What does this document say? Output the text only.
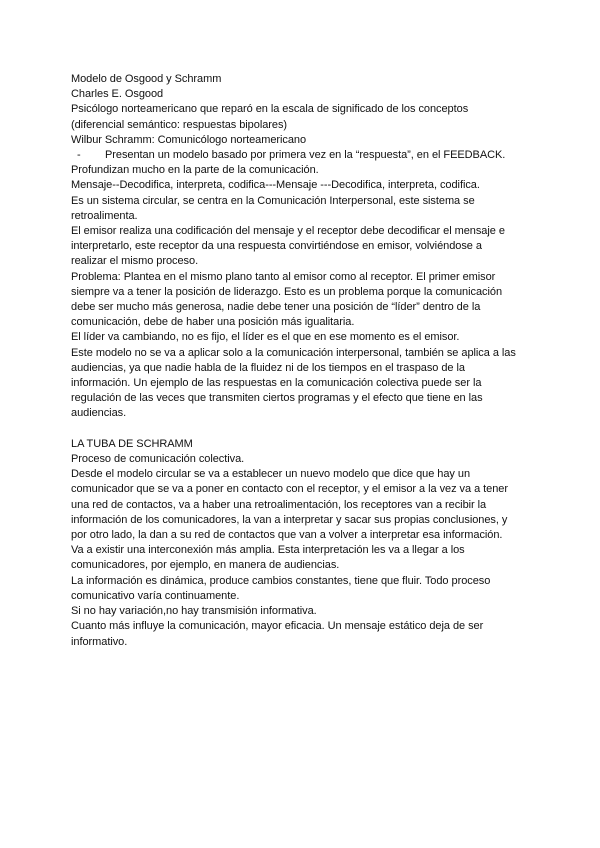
Modelo de Osgood y Schramm
Charles E. Osgood
Psicólogo norteamericano que reparó en la escala de significado de los conceptos
(diferencial semántico: respuestas bipolares)
Wilbur Schramm: Comunicólogo norteamericano
- Presentan un modelo basado por primera vez en la “respuesta”, en el FEEDBACK.
Profundizan mucho en la parte de la comunicación.
Mensaje--Decodifica, interpreta, codifica---Mensaje ---Decodifica, interpreta, codifica.
Es un sistema circular, se centra en la Comunicación Interpersonal, este sistema se
retroalimenta.
El emisor realiza una codificación del mensaje y el receptor debe decodificar el mensaje e
interpretarlo, este receptor da una respuesta convirtiéndose en emisor, volviéndose a
realizar el mismo proceso.
Problema: Plantea en el mismo plano tanto al emisor como al receptor. El primer emisor
siempre va a tener la posición de liderazgo. Esto es un problema porque la comunicación
debe ser mucho más generosa, nadie debe tener una posición de “líder” dentro de la
comunicación, debe de haber una posición más igualitaria.
El líder va cambiando, no es fijo, el líder es el que en ese momento es el emisor.
Este modelo no se va a aplicar solo a la comunicación interpersonal, también se aplica a las
audiencias, ya que nadie habla de la fluidez ni de los tiempos en el traspaso de la
información. Un ejemplo de las respuestas en la comunicación colectiva puede ser la
regulación de las veces que transmiten ciertos programas y el efecto que tiene en las
audiencias.
LA TUBA DE SCHRAMM
Proceso de comunicación colectiva.
Desde el modelo circular se va a establecer un nuevo modelo que dice que hay un
comunicador que se va a poner en contacto con el receptor, y el emisor a la vez va a tener
una red de contactos, va a haber una retroalimentación, los receptores van a recibir la
información de los comunicadores, la van a interpretar y sacar sus propias conclusiones, y
por otro lado, la dan a su red de contactos que van a volver a interpretar esa información.
Va a existir una interconexión más amplia. Esta interpretación les va a llegar a los
comunicadores, por ejemplo, en manera de audiencias.
La información es dinámica, produce cambios constantes, tiene que fluir. Todo proceso
comunicativo varía continuamente.
Si no hay variación,no hay transmisión informativa.
Cuanto más influye la comunicación, mayor eficacia. Un mensaje estático deja de ser
informativo.
